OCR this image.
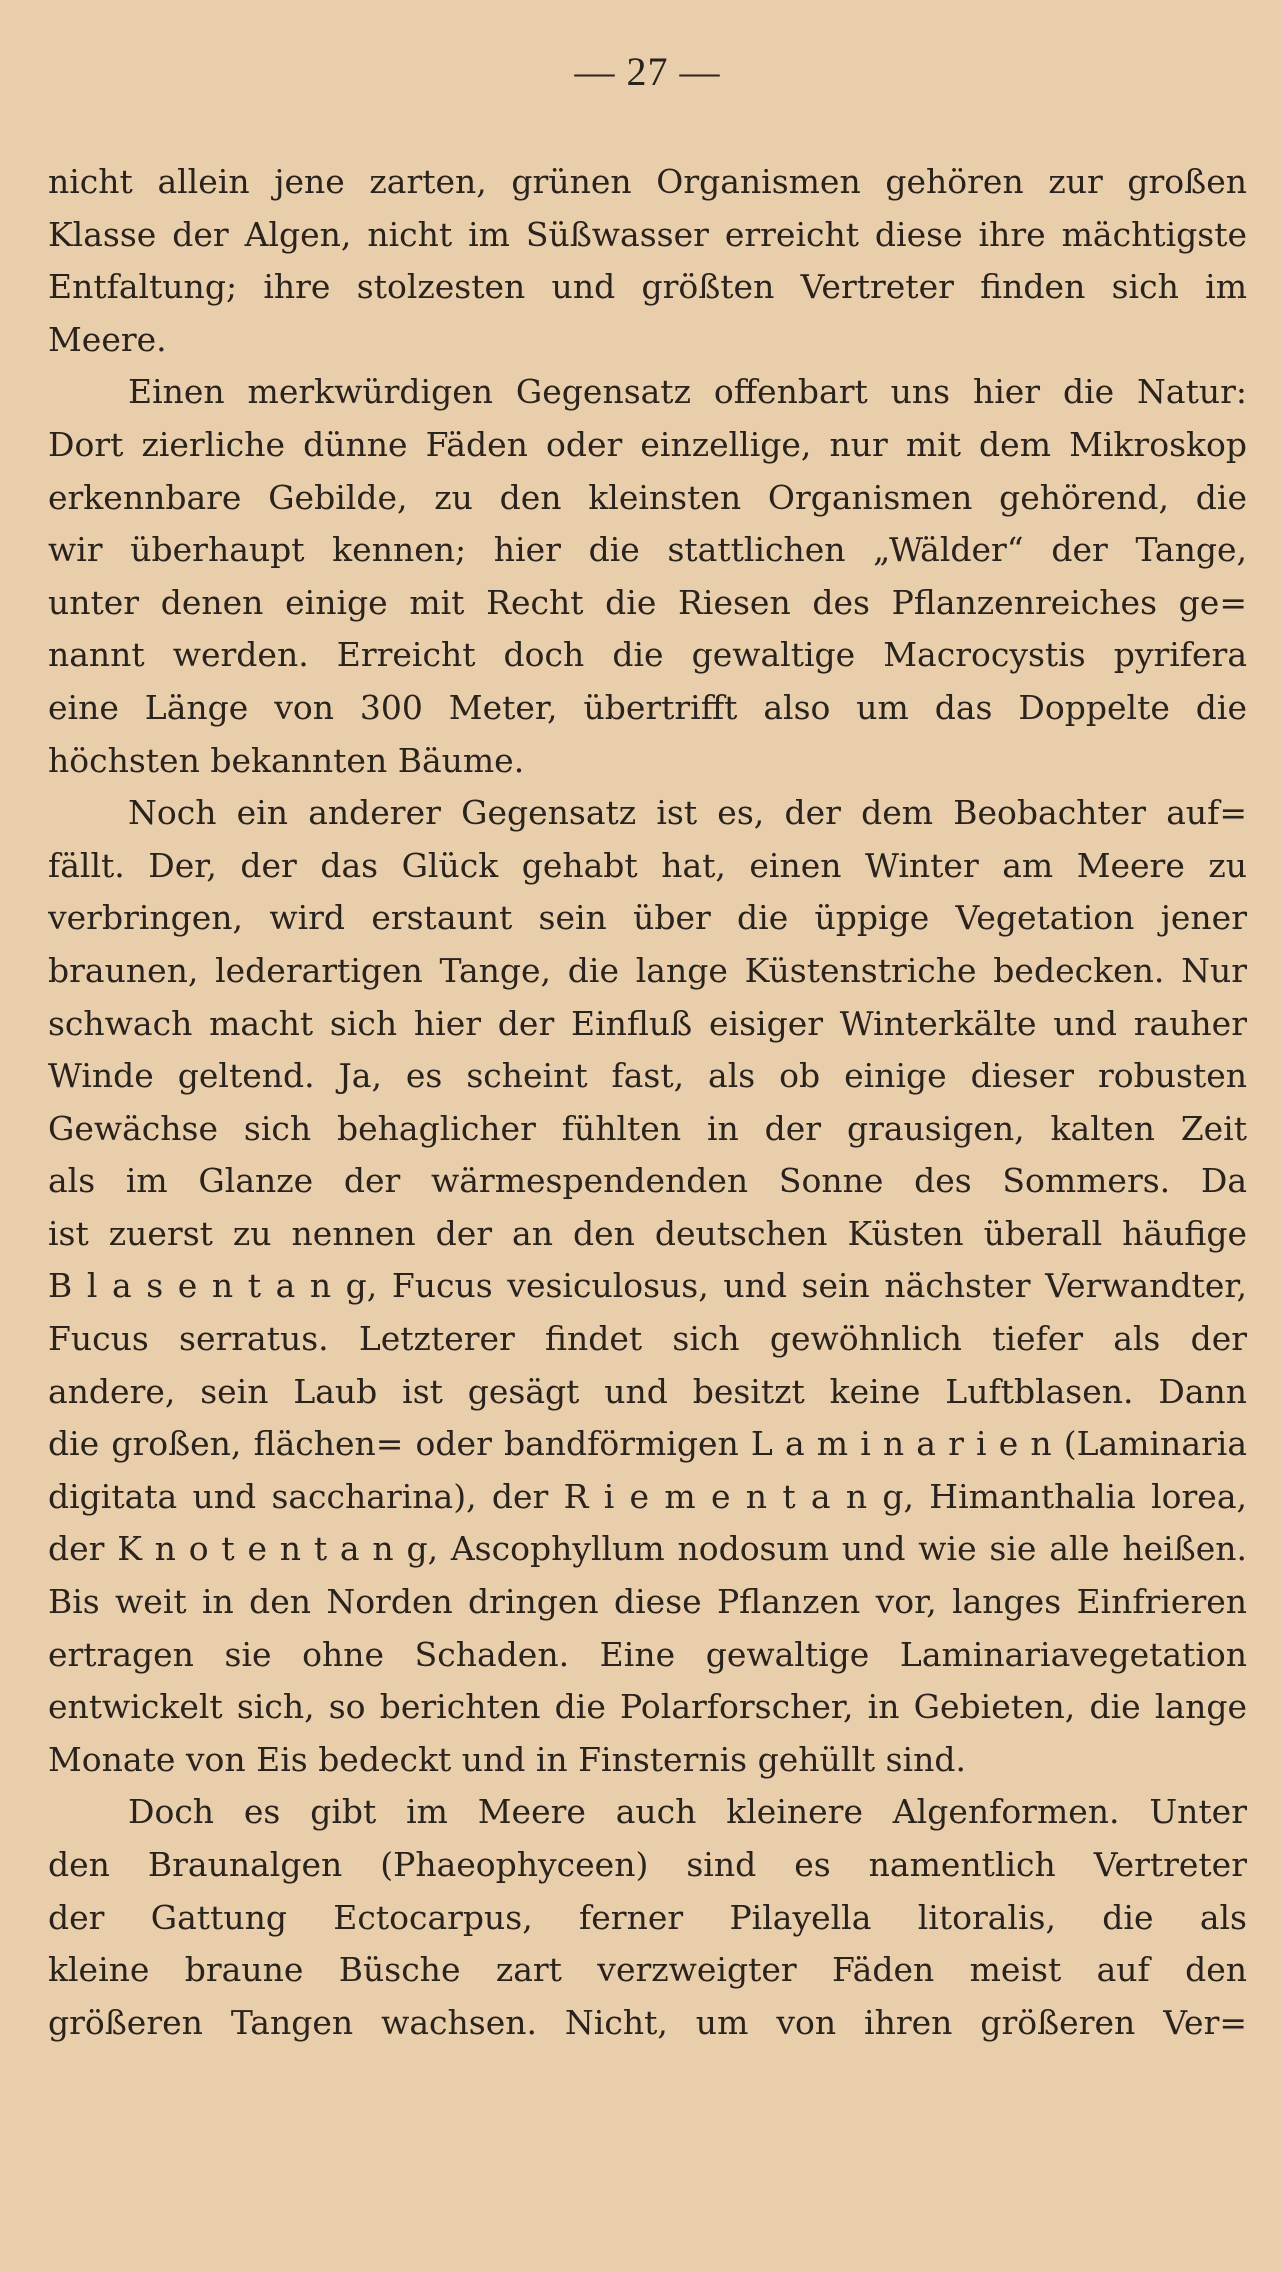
— 27 —
nicht allein jene zarten, grünen Organismen gehören zur großen
Klasse der Algen, nicht im Süßwasser erreicht diese ihre mächtigste
Entfaltung; ihre stolzesten und größten Vertreter finden sich im
Meere.
Einen merkwürdigen Gegensatz offenbart uns hier die Natur:
Dort zierliche dünne Fäden oder einzellige, nur mit dem Mikroskop
erkennbare Gebilde, zu den kleinsten Organismen gehörend, die
wir überhaupt kennen; hier die stattlichen „Wälder“ der Tange,
unter denen einige mit Recht die Riesen des Pflanzenreiches ge=
nannt werden. Erreicht doch die gewaltige Macrocystis pyrifera
eine Länge von 300 Meter, übertrifft also um das Doppelte die
höchsten bekannten Bäume.
Noch ein anderer Gegensatz ist es, der dem Beobachter auf=
fällt. Der, der das Glück gehabt hat, einen Winter am Meere zu
verbringen, wird erstaunt sein über die üppige Vegetation jener
braunen, lederartigen Tange, die lange Küstenstriche bedecken. Nur
schwach macht sich hier der Einfluß eisiger Winterkälte und rauher
Winde geltend. Ja, es scheint fast, als ob einige dieser robusten
Gewächse sich behaglicher fühlten in der grausigen, kalten Zeit
als im Glanze der wärmespendenden Sonne des Sommers. Da
ist zuerst zu nennen der an den deutschen Küsten überall häufige
B l a s e n t a n g, Fucus vesiculosus, und sein nächster Verwandter,
Fucus serratus. Letzterer findet sich gewöhnlich tiefer als der
andere, sein Laub ist gesägt und besitzt keine Luftblasen. Dann
die großen, flächen= oder bandförmigen L a m i n a r i e n (Laminaria
digitata und saccharina), der R i e m e n t a n g, Himanthalia lorea,
der K n o t e n t a n g, Ascophyllum nodosum und wie sie alle heißen.
Bis weit in den Norden dringen diese Pflanzen vor, langes Einfrieren
ertragen sie ohne Schaden. Eine gewaltige Laminariavegetation
entwickelt sich, so berichten die Polarforscher, in Gebieten, die lange
Monate von Eis bedeckt und in Finsternis gehüllt sind.
Doch es gibt im Meere auch kleinere Algenformen. Unter
den Braunalgen (Phaeophyceen) sind es namentlich Vertreter
der Gattung Ectocarpus, ferner Pilayella litoralis, die als
kleine braune Büsche zart verzweigter Fäden meist auf den
größeren Tangen wachsen. Nicht, um von ihren größeren Ver=
